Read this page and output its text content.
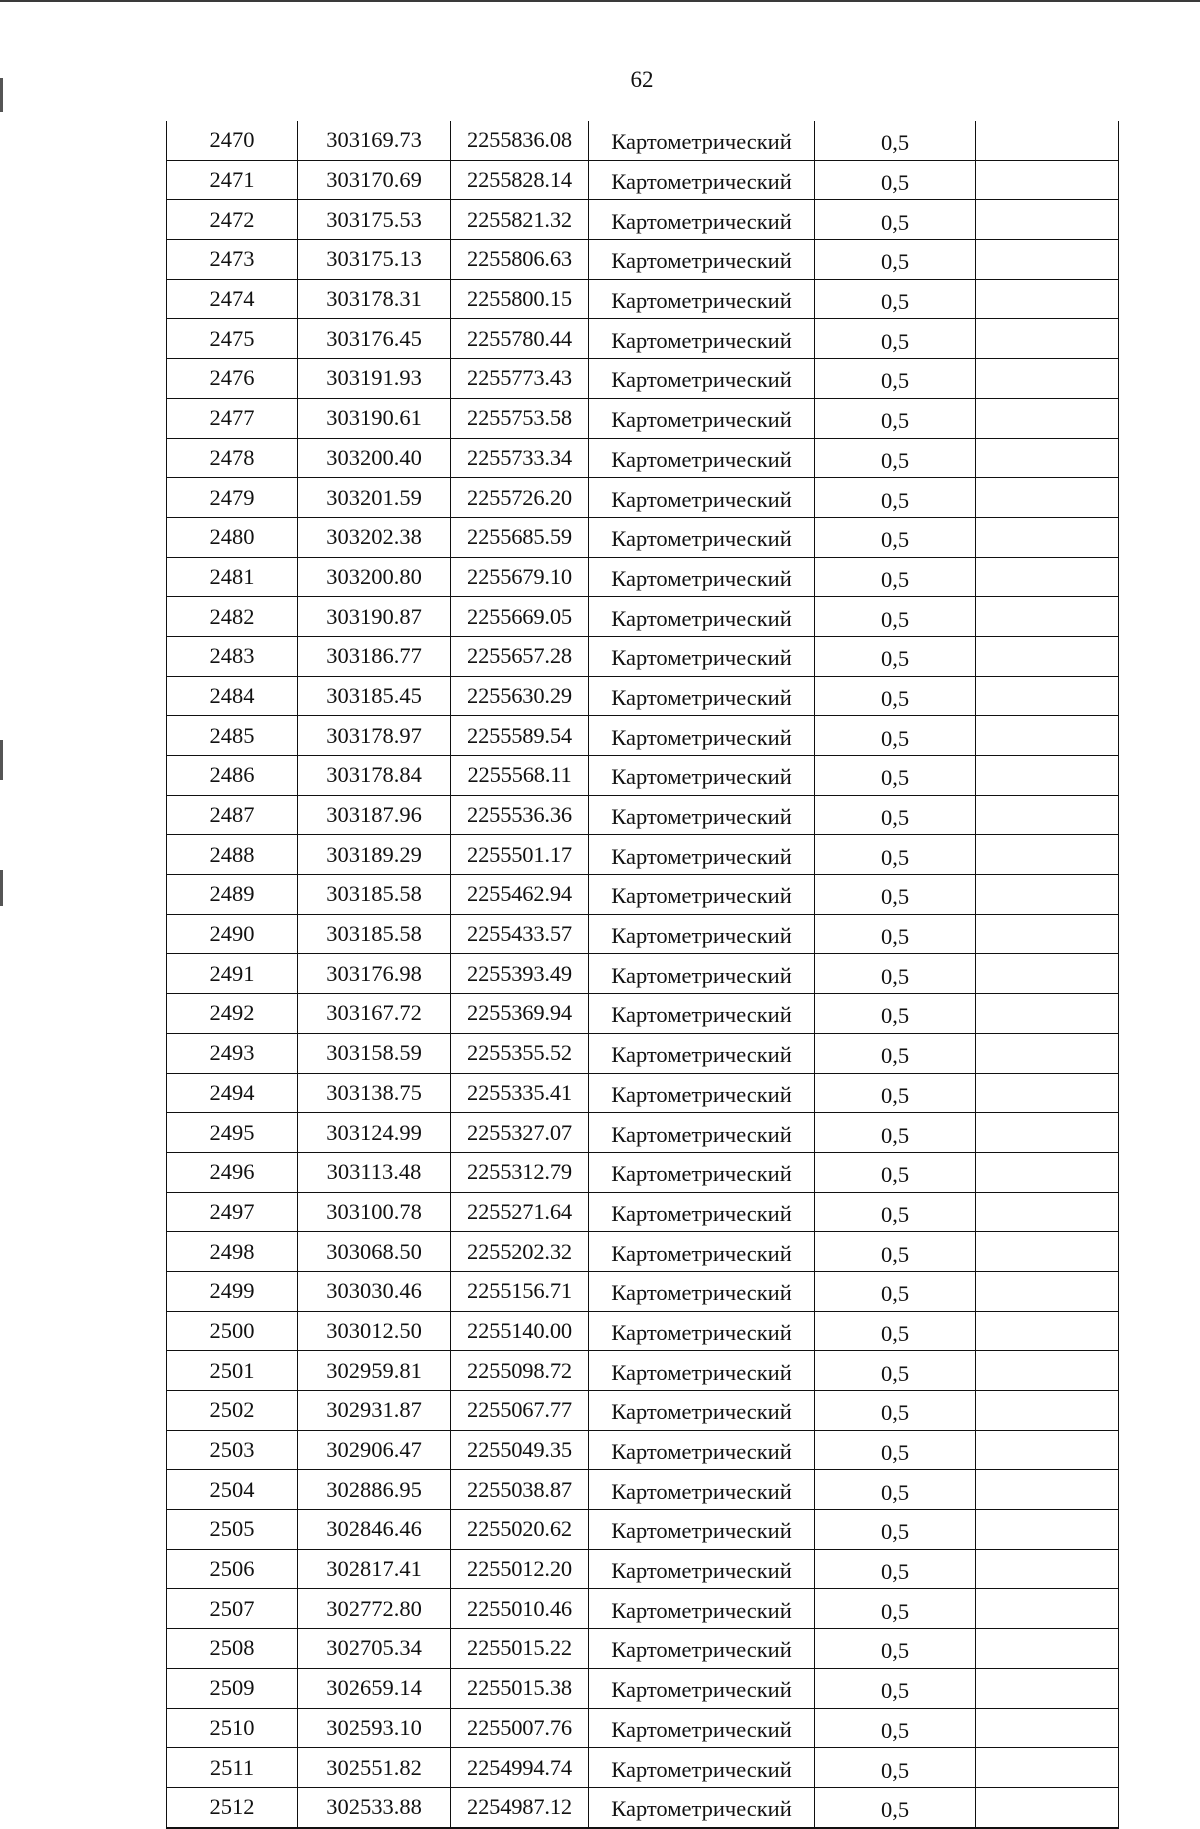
62
2470	303169.73	2255836.08	Картометрический	0,5	
2471	303170.69	2255828.14	Картометрический	0,5	
2472	303175.53	2255821.32	Картометрический	0,5	
2473	303175.13	2255806.63	Картометрический	0,5	
2474	303178.31	2255800.15	Картометрический	0,5	
2475	303176.45	2255780.44	Картометрический	0,5	
2476	303191.93	2255773.43	Картометрический	0,5	
2477	303190.61	2255753.58	Картометрический	0,5	
2478	303200.40	2255733.34	Картометрический	0,5	
2479	303201.59	2255726.20	Картометрический	0,5	
2480	303202.38	2255685.59	Картометрический	0,5	
2481	303200.80	2255679.10	Картометрический	0,5	
2482	303190.87	2255669.05	Картометрический	0,5	
2483	303186.77	2255657.28	Картометрический	0,5	
2484	303185.45	2255630.29	Картометрический	0,5	
2485	303178.97	2255589.54	Картометрический	0,5	
2486	303178.84	2255568.11	Картометрический	0,5	
2487	303187.96	2255536.36	Картометрический	0,5	
2488	303189.29	2255501.17	Картометрический	0,5	
2489	303185.58	2255462.94	Картометрический	0,5	
2490	303185.58	2255433.57	Картометрический	0,5	
2491	303176.98	2255393.49	Картометрический	0,5	
2492	303167.72	2255369.94	Картометрический	0,5	
2493	303158.59	2255355.52	Картометрический	0,5	
2494	303138.75	2255335.41	Картометрический	0,5	
2495	303124.99	2255327.07	Картометрический	0,5	
2496	303113.48	2255312.79	Картометрический	0,5	
2497	303100.78	2255271.64	Картометрический	0,5	
2498	303068.50	2255202.32	Картометрический	0,5	
2499	303030.46	2255156.71	Картометрический	0,5	
2500	303012.50	2255140.00	Картометрический	0,5	
2501	302959.81	2255098.72	Картометрический	0,5	
2502	302931.87	2255067.77	Картометрический	0,5	
2503	302906.47	2255049.35	Картометрический	0,5	
2504	302886.95	2255038.87	Картометрический	0,5	
2505	302846.46	2255020.62	Картометрический	0,5	
2506	302817.41	2255012.20	Картометрический	0,5	
2507	302772.80	2255010.46	Картометрический	0,5	
2508	302705.34	2255015.22	Картометрический	0,5	
2509	302659.14	2255015.38	Картометрический	0,5	
2510	302593.10	2255007.76	Картометрический	0,5	
2511	302551.82	2254994.74	Картометрический	0,5	
2512	302533.88	2254987.12	Картометрический	0,5	
